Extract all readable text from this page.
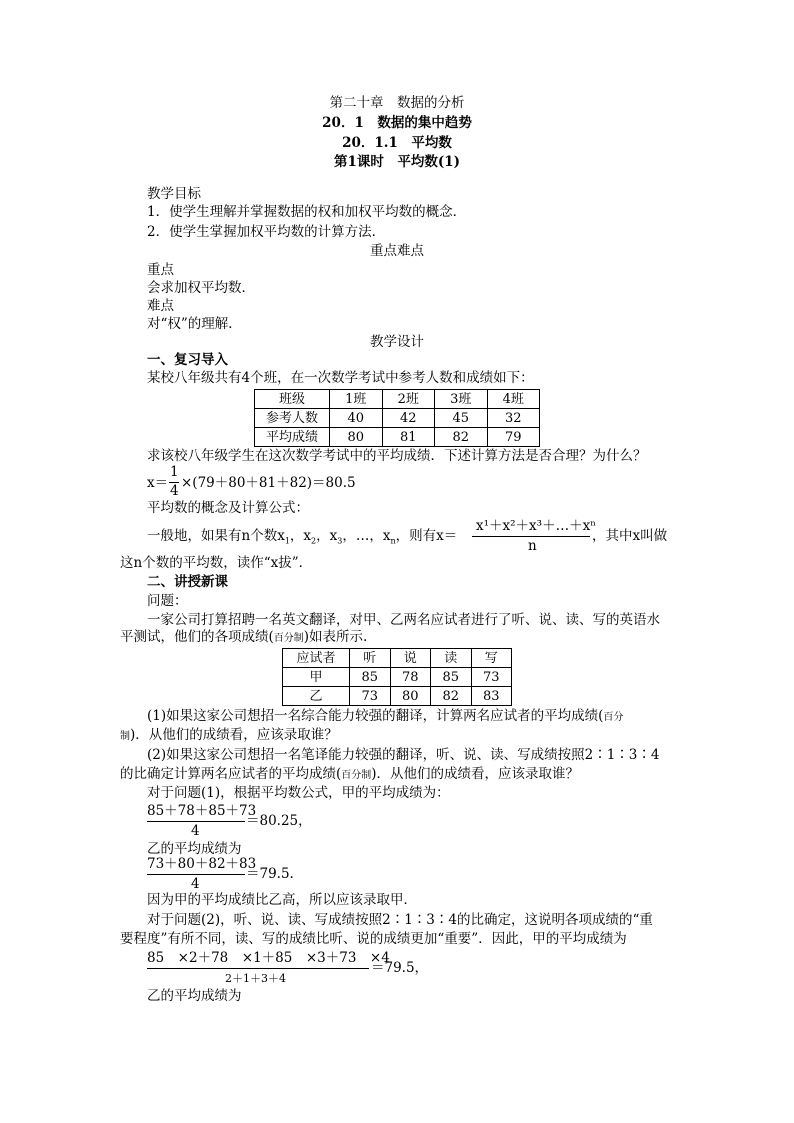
第二十章　数据的分析
20．1　数据的集中趋势
20．1.1　平均数
第1课时　平均数(1)
教学目标
1．使学生理解并掌握数据的权和加权平均数的概念．
2．使学生掌握加权平均数的计算方法．
重点难点
重点
会求加权平均数．
难点
对“权”的理解．
教学设计
一、复习导入
某校八年级共有4个班，在一次数学考试中参考人数和成绩如下：
班级	1班	2班	3班	4班
参考人数	40	42	45	32
平均成绩	80	81	82	79
求该校八年级学生在这次数学考试中的平均成绩．下述计算方法是否合理？为什么？
x＝
1
4 ×(79＋80＋81＋82)＝80.5
平均数的概念及计算公式：
一般地，如果有n个数$x_1$，$x_2$，$x_3$，…，$x_n$，则有x＝
x¹＋x²＋x³＋…＋xⁿ
n
，其中x叫做
这n个数的平均数，读作“x拔”．
二、讲授新课
问题：
一家公司打算招聘一名英文翻译，对甲、乙两名应试者进行了听、说、读、写的英语水
平测试，他们的各项成绩(百分制)如表所示.
应试者	听	说	读	写
甲	85	78	85	73
乙	73	80	82	83
(1)如果这家公司想招一名综合能力较强的翻译，计算两名应试者的平均成绩(百分
制)．从他们的成绩看，应该录取谁？
(2)如果这家公司想招一名笔译能力较强的翻译，听、说、读、写成绩按照2∶1∶3∶4
的比确定计算两名应试者的平均成绩(百分制)．从他们的成绩看，应该录取谁？
对于问题(1)，根据平均数公式，甲的平均成绩为：
85＋78＋85＋73
4
＝80.25，
乙的平均成绩为
73＋80＋82＋83
4
＝79.5.
因为甲的平均成绩比乙高，所以应该录取甲．
对于问题(2)，听、说、读、写成绩按照2∶1∶3∶4的比确定，这说明各项成绩的“重
要程度”有所不同，读、写的成绩比听、说的成绩更加“重要”．因此，甲的平均成绩为
85　×2＋78　×1＋85　×3＋73　×4
2＋1＋3＋4
＝79.5，
乙的平均成绩为
